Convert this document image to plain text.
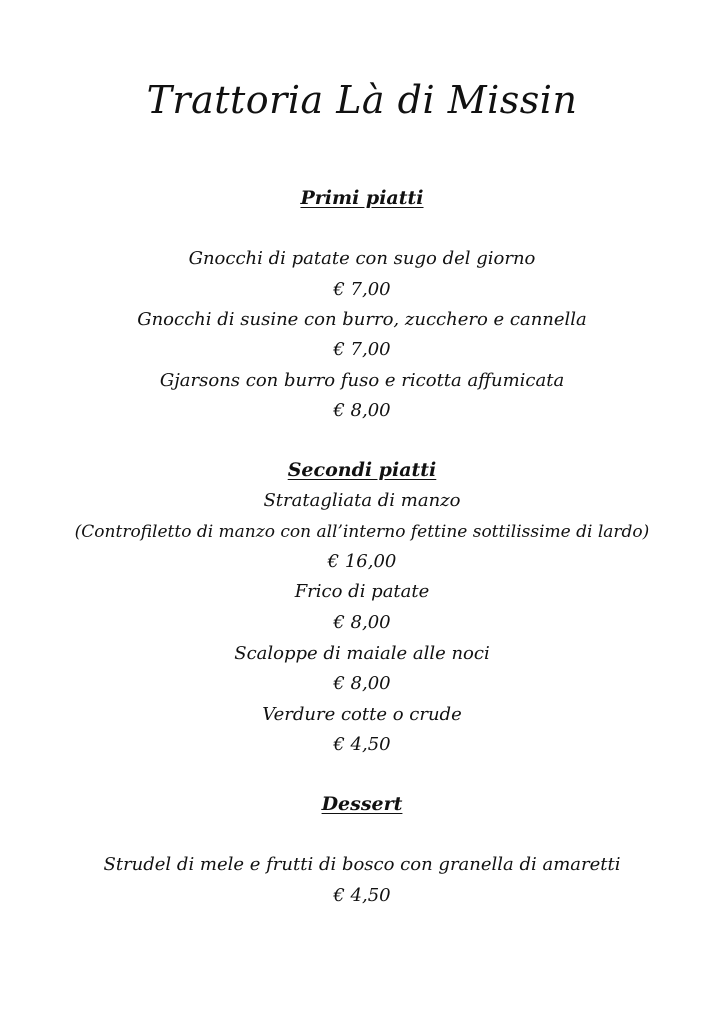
Trattoria Là di Missin
Primi piatti
Gnocchi di patate con sugo del giorno
€ 7,00
Gnocchi di susine con burro, zucchero e cannella
€ 7,00
Gjarsons con burro fuso e ricotta affumicata
€ 8,00
Secondi piatti
Stratagliata di manzo
(Controfiletto di manzo con all’interno fettine sottilissime di lardo)
€ 16,00
Frico di patate
€ 8,00
Scaloppe di maiale alle noci
€ 8,00
Verdure cotte o crude
€ 4,50
Dessert
Strudel di mele e frutti di bosco con granella di amaretti
€ 4,50
